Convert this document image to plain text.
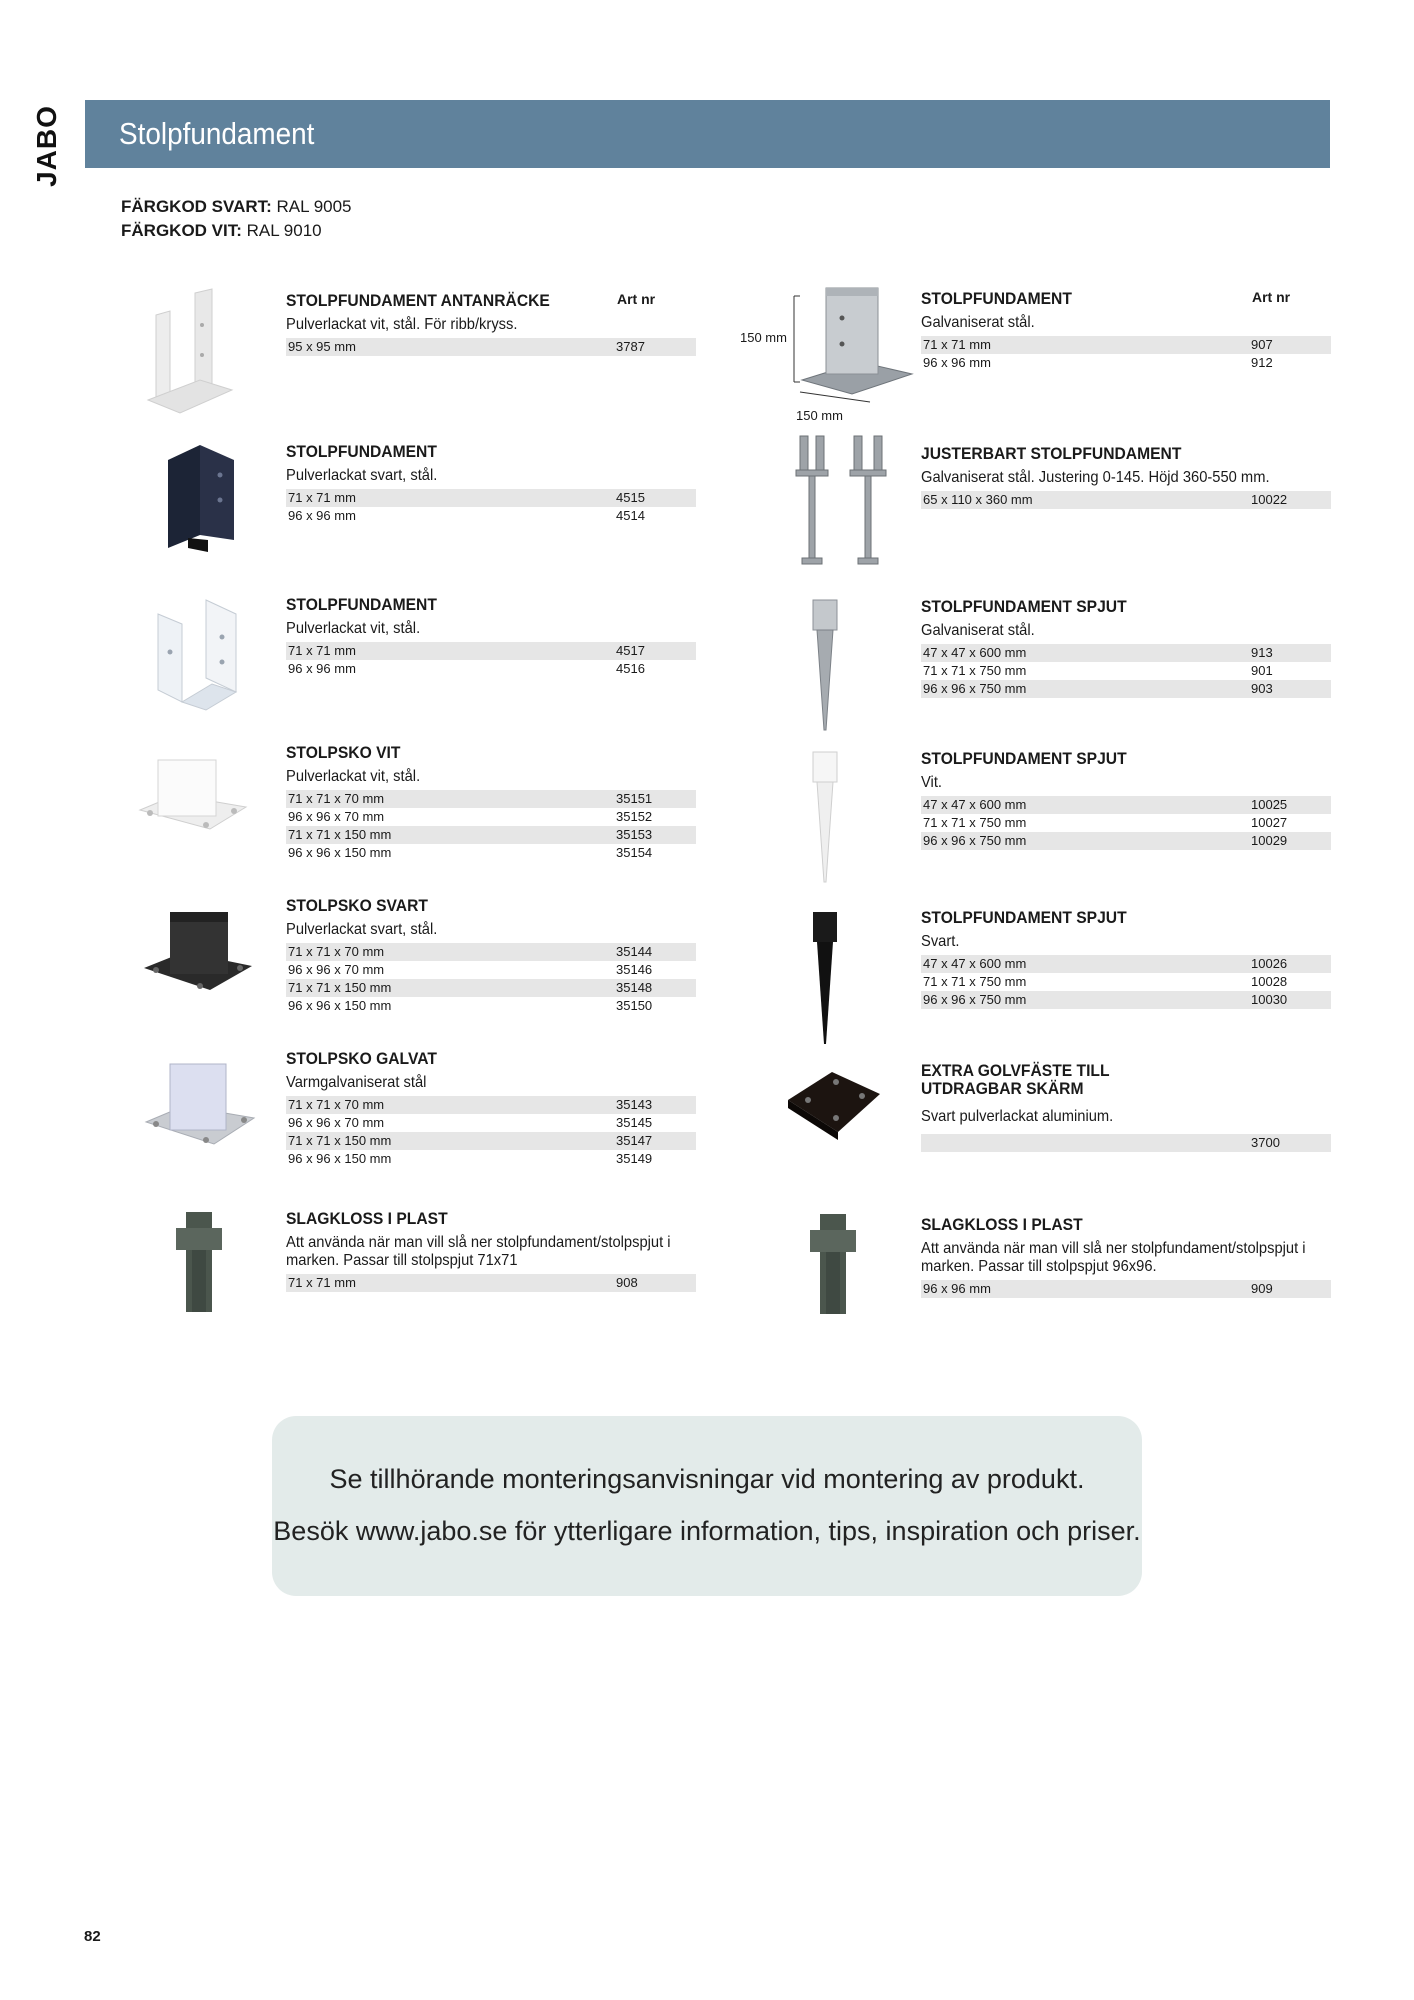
JABO Stolpfundament
FÄRGKOD SVART: RAL 9005
FÄRGKOD VIT: RAL 9010
Art nr	Art nr
150 mm
150 mm
STOLPFUNDAMENT ANTANRÄCKE
Pulverlackat vit, stål. För ribb/kryss.
95 x 95 mm	3787
STOLPFUNDAMENT
Pulverlackat svart, stål.
71 x 71 mm	4515
96 x 96 mm	4514
STOLPFUNDAMENT
Pulverlackat vit, stål.
71 x 71 mm	4517
96 x 96 mm	4516
STOLPSKO VIT
Pulverlackat vit, stål.
71 x 71 x 70 mm	35151
96 x 96 x 70 mm	35152
71 x 71 x 150 mm	35153
96 x 96 x 150 mm	35154
STOLPSKO SVART
Pulverlackat svart, stål.
71 x 71 x 70 mm	35144
96 x 96 x 70 mm	35146
71 x 71 x 150 mm	35148
96 x 96 x 150 mm	35150
STOLPSKO GALVAT
Varmgalvaniserat stål
71 x 71 x 70 mm	35143
96 x 96 x 70 mm	35145
71 x 71 x 150 mm	35147
96 x 96 x 150 mm	35149
SLAGKLOSS I PLAST
Att använda när man vill slå ner stolpfundament/stolpspjut i marken. Passar till stolpspjut 71x71
71 x 71 mm	908
STOLPFUNDAMENT
Galvaniserat stål.
71 x 71 mm	907
96 x 96 mm	912
JUSTERBART STOLPFUNDAMENT
Galvaniserat stål. Justering 0-145. Höjd 360-550 mm.
65 x 110 x 360 mm	10022
STOLPFUNDAMENT SPJUT
Galvaniserat stål.
47 x 47 x 600 mm	913
71 x 71 x 750 mm	901
96 x 96 x 750 mm	903
STOLPFUNDAMENT SPJUT
Vit.
47 x 47 x 600 mm	10025
71 x 71 x 750 mm	10027
96 x 96 x 750 mm	10029
STOLPFUNDAMENT SPJUT
Svart.
47 x 47 x 600 mm	10026
71 x 71 x 750 mm	10028
96 x 96 x 750 mm	10030
EXTRA GOLVFÄSTE TILL
UTDRAGBAR SKÄRM
Svart pulverlackat aluminium.
3700
SLAGKLOSS I PLAST
Att använda när man vill slå ner stolpfundament/stolpspjut i marken. Passar till stolpspjut 96x96.
96 x 96 mm	909
Se tillhörande monteringsanvisningar vid montering av produkt.
Besök www.jabo.se för ytterligare information, tips, inspiration och priser.
82
